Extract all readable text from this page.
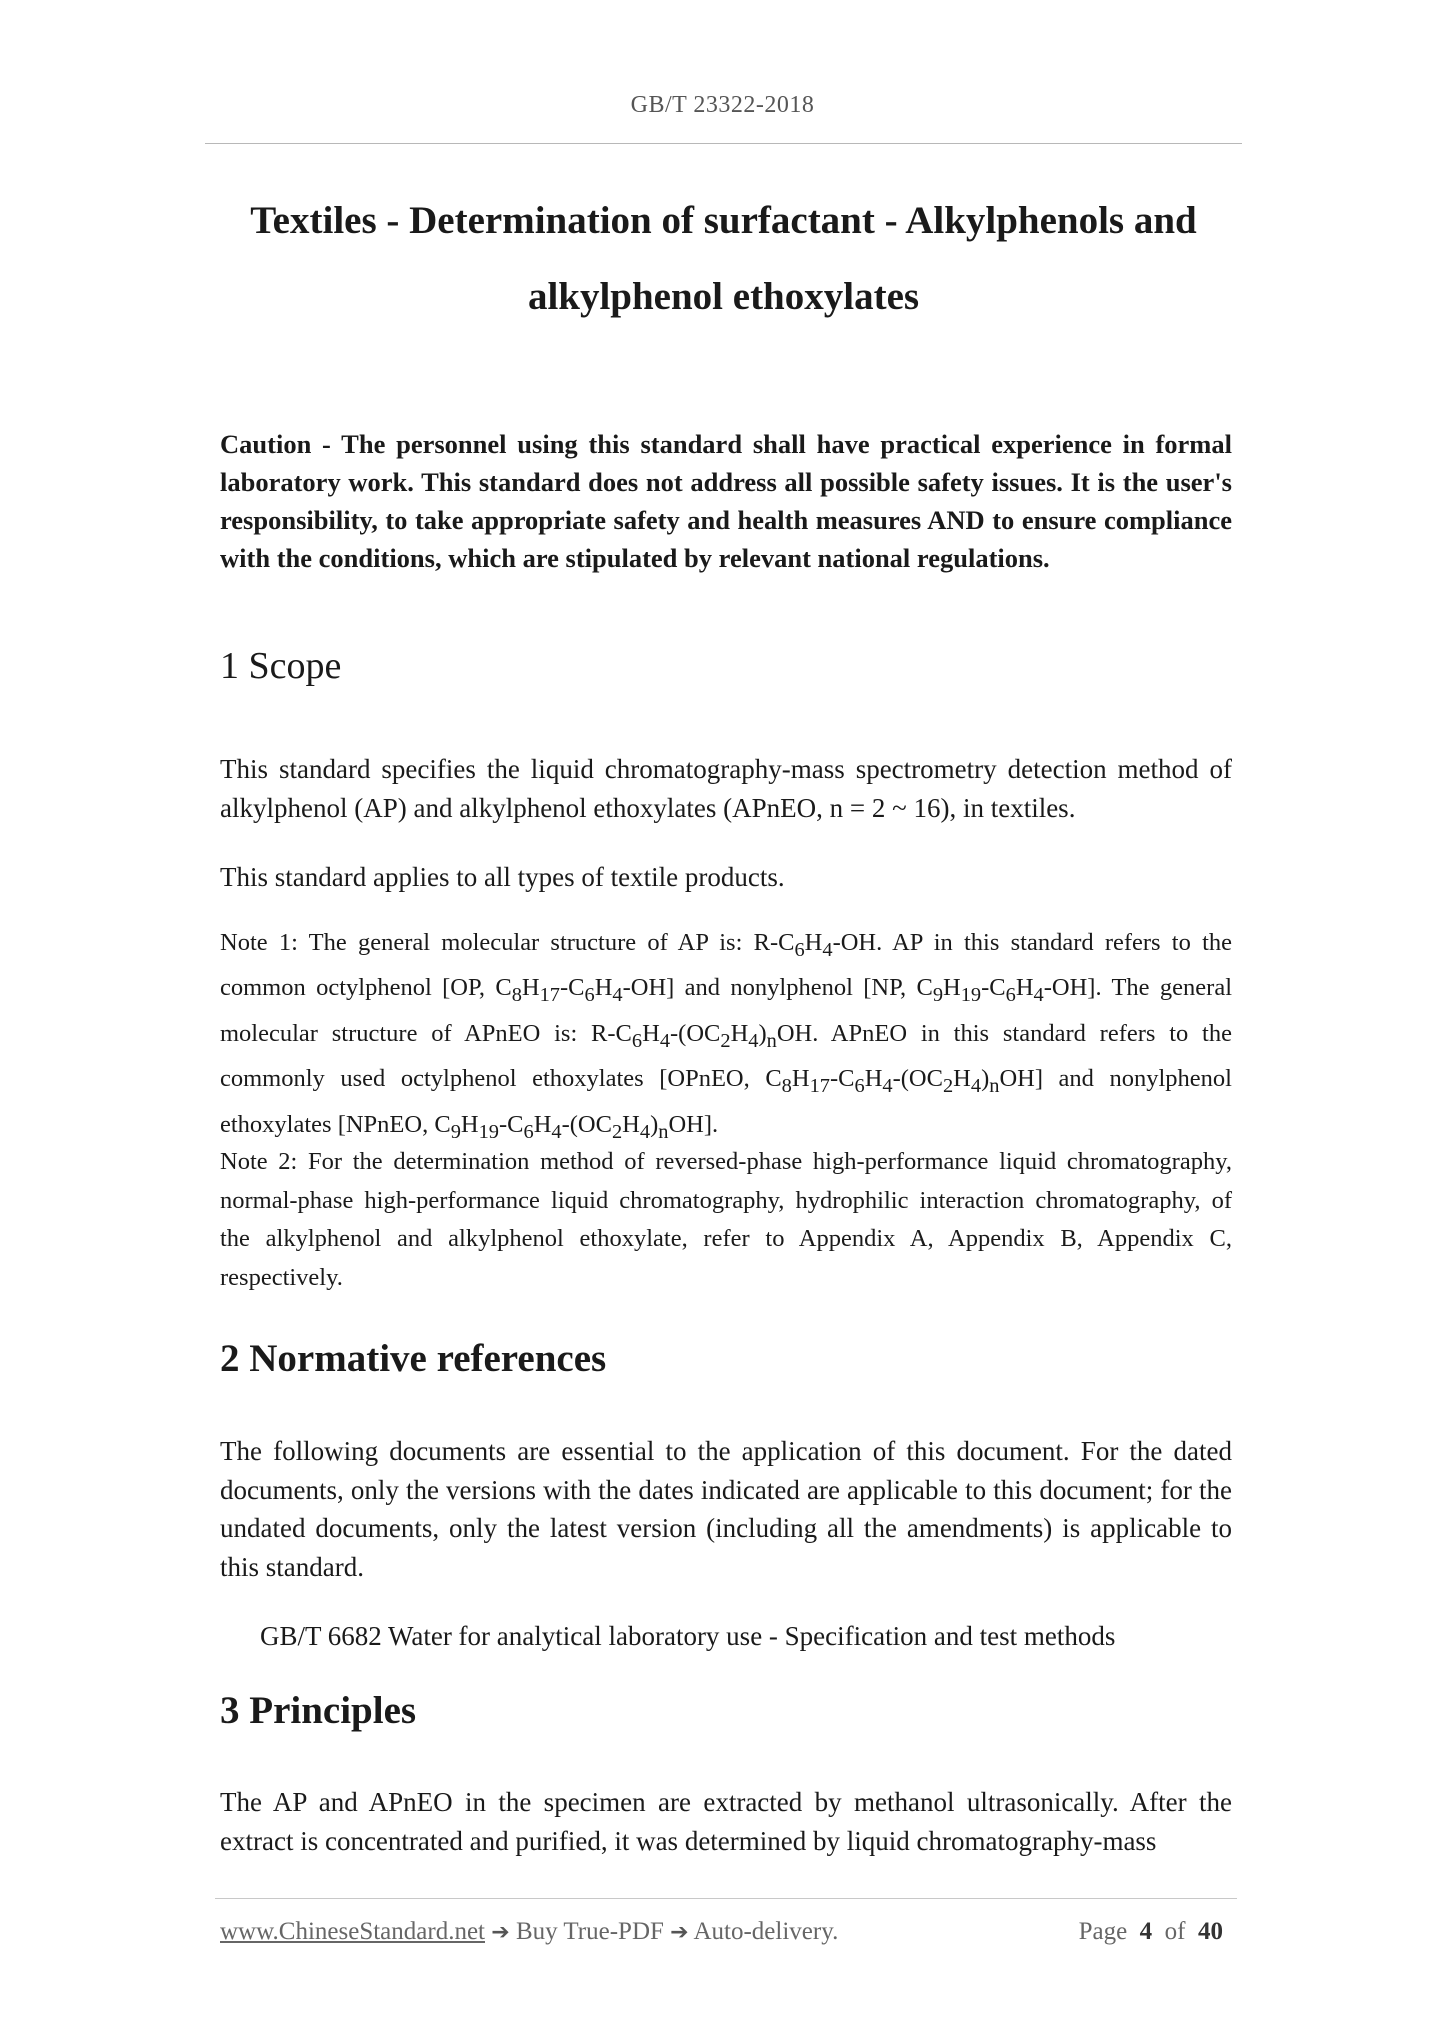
GB/T 23322-2018
Textiles - Determination of surfactant - Alkylphenols and
alkylphenol ethoxylates

Caution - The personnel using this standard shall have practical experience in formal laboratory work. This standard does not address all possible safety issues. It is the user's responsibility, to take appropriate safety and health measures AND to ensure compliance with the conditions, which are stipulated by relevant national regulations.

1 Scope

This standard specifies the liquid chromatography-mass spectrometry detection method of alkylphenol (AP) and alkylphenol ethoxylates (APnEO, n = 2 ~ 16), in textiles.

This standard applies to all types of textile products.

Note 1: The general molecular structure of AP is: $R-C_6H_4-OH$. AP in this standard refers to the common octylphenol [OP, $C_8H_{17}-C_6H_4-OH$] and nonylphenol [NP, $C_9H_{19}-C_6H_4-OH$]. The general molecular structure of APnEO is: $R-C_6H_4-(OC_2H_4)_nOH$. APnEO in this standard refers to the commonly used octylphenol ethoxylates [OPnEO, $C_8H_{17}-C_6H_4-(OC_2H_4)_nOH$] and nonylphenol ethoxylates [NPnEO, $C_9H_{19}-C_6H_4-(OC_2H_4)_nOH$].

Note 2: For the determination method of reversed-phase high-performance liquid chromatography, normal-phase high-performance liquid chromatography, hydrophilic interaction chromatography, of the alkylphenol and alkylphenol ethoxylate, refer to Appendix A, Appendix B, Appendix C, respectively.

2 Normative references

The following documents are essential to the application of this document. For the dated documents, only the versions with the dates indicated are applicable to this document; for the undated documents, only the latest version (including all the amendments) is applicable to this standard.

GB/T 6682 Water for analytical laboratory use - Specification and test methods

3 Principles

The AP and APnEO in the specimen are extracted by methanol ultrasonically. After the extract is concentrated and purified, it was determined by liquid chromatography-mass

www.ChineseStandard.net ➔ Buy True-PDF ➔ Auto-delivery.	Page 4 of 40
